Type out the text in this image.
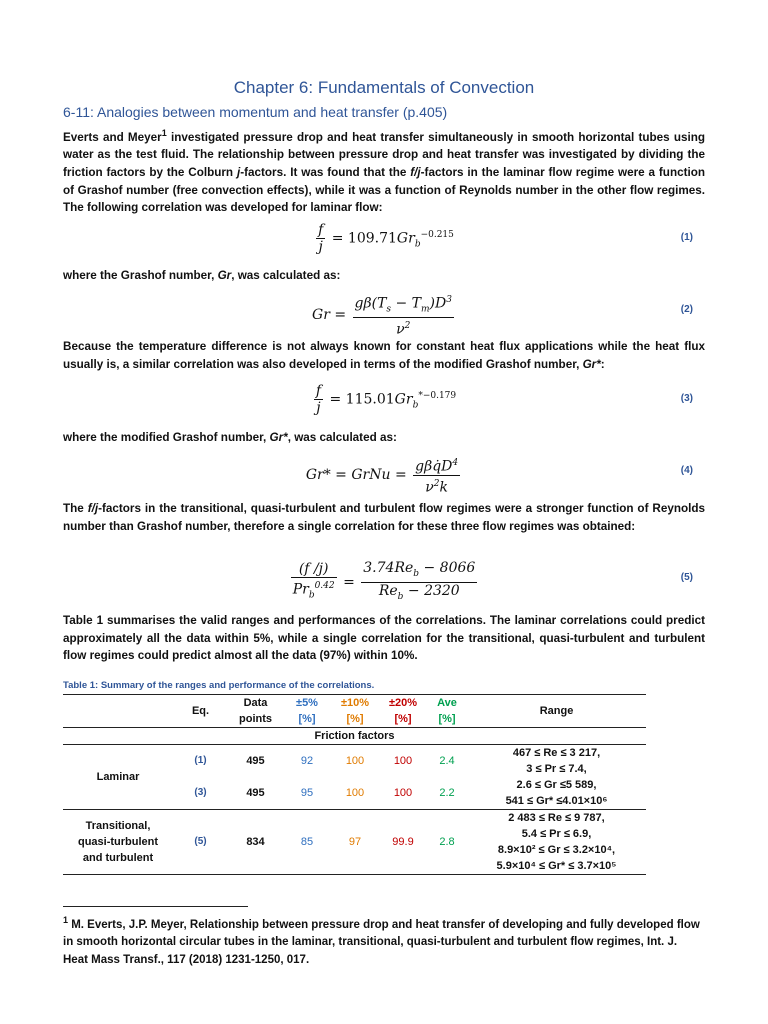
Chapter 6: Fundamentals of Convection
6-11: Analogies between momentum and heat transfer (p.405)

Everts and Meyer$^1$ investigated pressure drop and heat transfer simultaneously in smooth horizontal tubes using water as the test fluid. The relationship between pressure drop and heat transfer was investigated by dividing the friction factors by the Colburn j-factors. It was found that the f/j-factors in the laminar flow regime were a function of Grashof number (free convection effects), while it was a function of Reynolds number in the other flow regimes. The following correlation was developed for laminar flow:

$\frac{f}{j} = 109.71Gr_b^{-0.215}$	(1)

where the Grashof number, Gr, was calculated as:

$Gr = \frac{g\beta(T_s - T_m)D^3}{\nu^2}$	(2)

Because the temperature difference is not always known for constant heat flux applications while the heat flux usually is, a similar correlation was also developed in terms of the modified Grashof number, Gr*:

$\frac{f}{j} = 115.01Gr_b^{*-0.179}$	(3)

where the modified Grashof number, Gr*, was calculated as:

Gr* = GrNu = $\frac{g\beta q̇D^4}{\nu^2k}$	(4)

The f/j-factors in the transitional, quasi-turbulent and turbulent flow regimes were a stronger function of Reynolds number than Grashof number, therefore a single correlation for these three flow regimes was obtained:

$\frac{(f /j)}{Pr_b^{0.42}} = \frac{3.74Re_b - 8066}{Re_b - 2320}$	(5)

Table 1 summarises the valid ranges and performances of the correlations. The laminar correlations could predict approximately all the data within 5%, while a single correlation for the transitional, quasi-turbulent and turbulent flow regimes could predict almost all the data (97%) within 10%.

Table 1: Summary of the ranges and performance of the correlations.
	Eq.	Data
points	±5%
[%]	±10%
[%]	±20%
[%]	Ave
[%]	Range
Friction factors							
Laminar	(1)	495	92	100	100	2.4	467 ≤ Re ≤ 3 217,
3 ≤ Pr ≤ 7.4,
	(3)	495	95	100	100	2.2	2.6 ≤ Gr ≤5 589,
541 ≤ Gr* ≤4.01×10⁶
Transitional,
quasi-turbulent
and turbulent	(5)	834	85	97	99.9	2.8	2 483 ≤ Re ≤ 9 787,
5.4 ≤ Pr ≤ 6.9,
8.9×10² ≤ Gr ≤ 3.2×10⁴,
5.9×10⁴ ≤ Gr* ≤ 3.7×10⁵

$^1$ M. Everts, J.P. Meyer, Relationship between pressure drop and heat transfer of developing and fully developed flow in smooth horizontal circular tubes in the laminar, transitional, quasi-turbulent and turbulent flow regimes, Int. J. Heat Mass Transf., 117 (2018) 1231-1250, 017.
